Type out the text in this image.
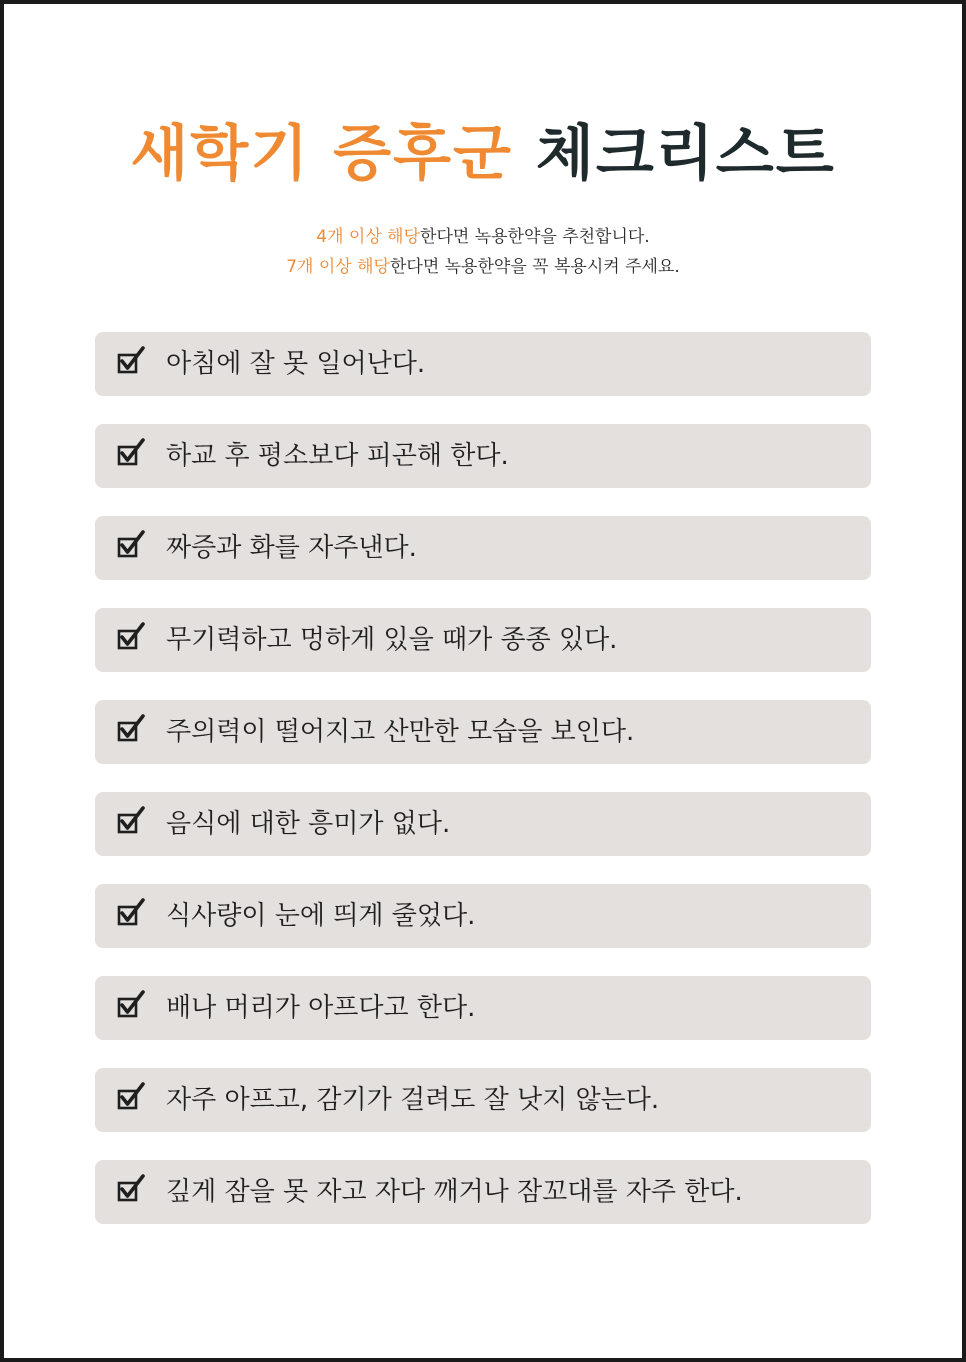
새학기 증후군 체크리스트
4개 이상 해당한다면 녹용한약을 추천합니다.
7개 이상 해당한다면 녹용한약을 꼭 복용시켜 주세요.
아침에 잘 못 일어난다.
하교 후 평소보다 피곤해 한다.
짜증과 화를 자주낸다.
무기력하고 멍하게 있을 때가 종종 있다.
주의력이 떨어지고 산만한 모습을 보인다.
음식에 대한 흥미가 없다.
식사량이 눈에 띄게 줄었다.
배나 머리가 아프다고 한다.
자주 아프고, 감기가 걸려도 잘 낫지 않는다.
깊게 잠을 못 자고 자다 깨거나 잠꼬대를 자주 한다.
